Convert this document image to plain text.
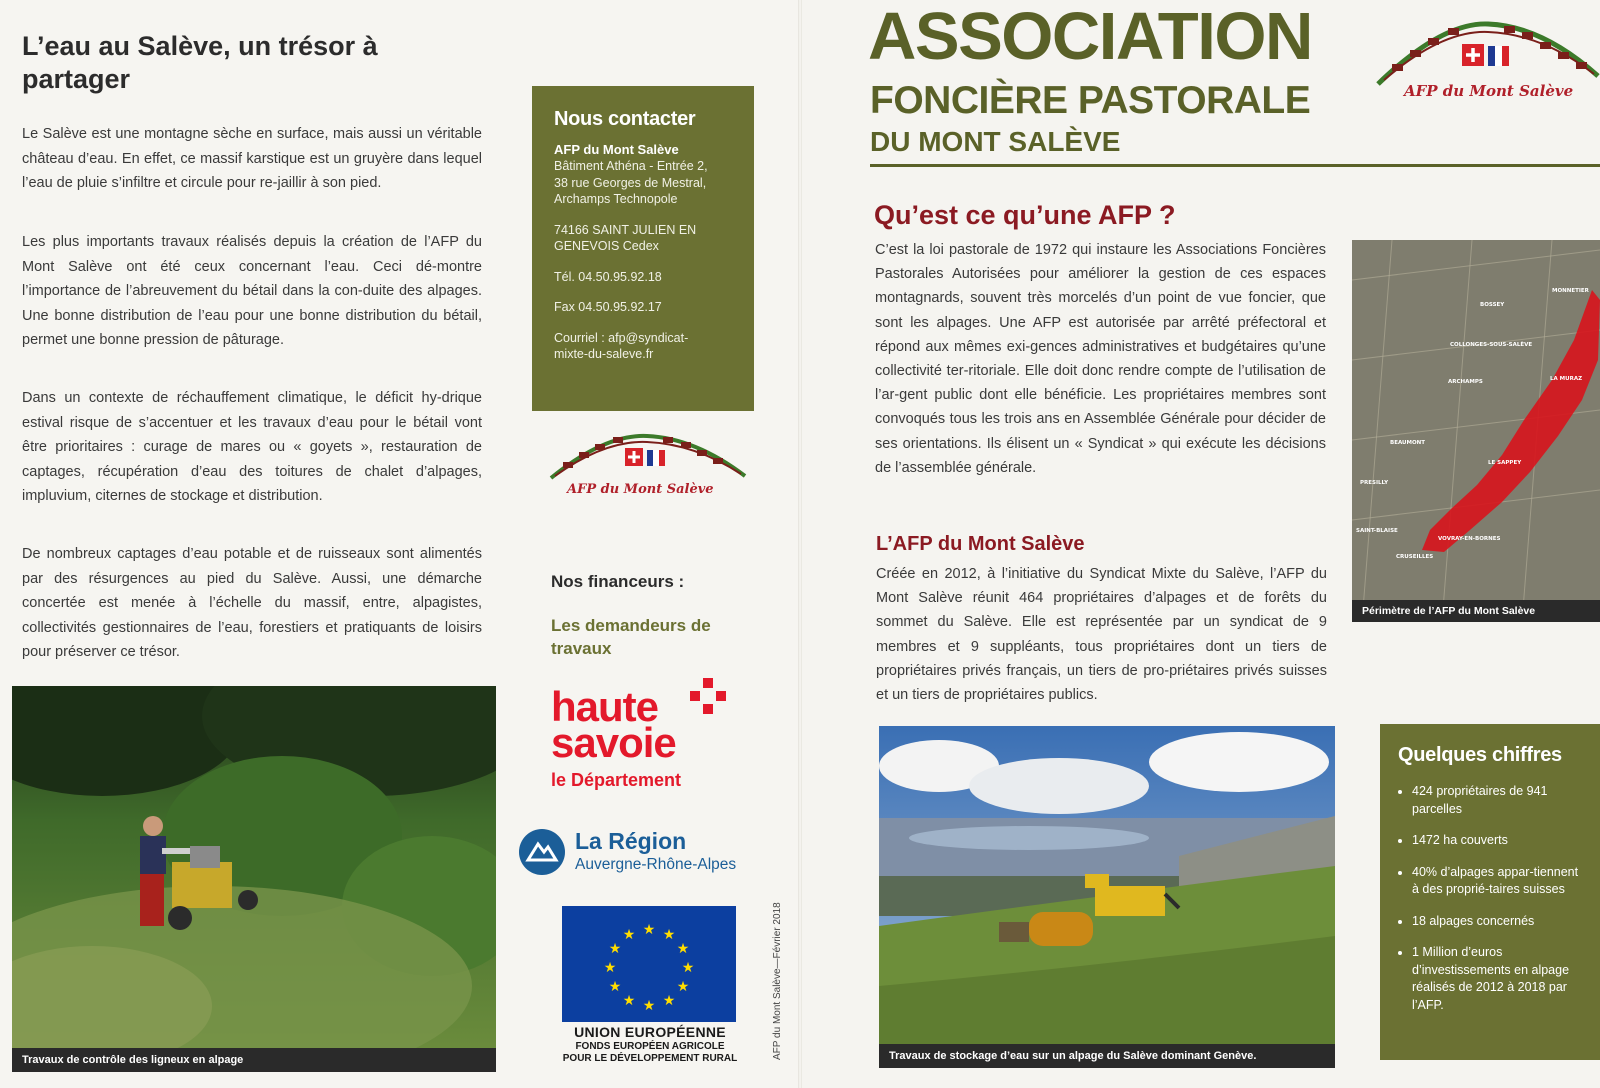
L’eau au Salève, un trésor à partager

Le Salève est une montagne sèche en surface, mais aussi un véritable château d’eau. En effet, ce massif karstique est un gruyère dans lequel l’eau de pluie s’infiltre et circule pour re-jaillir à son pied.

Les plus importants travaux réalisés depuis la création de l’AFP du Mont Salève ont été ceux concernant l’eau. Ceci dé-montre l’importance de l’abreuvement du bétail dans la con-duite des alpages. Une bonne distribution de l’eau pour une bonne distribution du bétail, permet une bonne pression de pâturage.

Dans un contexte de réchauffement climatique, le déficit hy-drique estival risque de s’accentuer et les travaux d’eau pour le bétail vont être prioritaires : curage de mares ou « goyets », restauration de captages, récupération d’eau des toitures de chalet d’alpages, impluvium, citernes de stockage et distribution.

De nombreux captages d’eau potable et de ruisseaux sont alimentés par des résurgences au pied du Salève. Aussi, une démarche concertée est menée à l’échelle du massif, entre, alpagistes, collectivités gestionnaires de l’eau, forestiers et pratiquants de loisirs pour préserver ce trésor.

Travaux de contrôle des ligneux en alpage
Nous contacter
AFP du Mont Salève
Bâtiment Athéna - Entrée 2,
38 rue Georges de Mestral,
Archamps Technopole
74166 SAINT JULIEN EN
GENEVOIS Cedex
Tél. 04.50.95.92.18
Fax 04.50.95.92.17
Courriel : afp@syndicat-
mixte-du-saleve.fr
AFP du Mont Salève
Nos financeurs :
Les demandeurs de travaux
haute
savoie
le Département
La Région
Auvergne-Rhône-Alpes
★ ★
★
★
★
★
★
★
★
★
★
★
UNION EUROPÉENNE
FONDS EUROPÉEN AGRICOLE
POUR LE DÉVELOPPEMENT RURAL	AFP du Mont Salève—Février 2018
ASSOCIATION
FONCIÈRE PASTORALE
DU MONT SALÈVE
AFP du Mont Salève
Qu’est ce qu’une AFP ?

C’est la loi pastorale de 1972 qui instaure les Associations Foncières Pastorales Autorisées pour améliorer la gestion de ces espaces montagnards, souvent très morcelés d’un point de vue foncier, que sont les alpages. Une AFP est autorisée par arrêté préfectoral et répond aux mêmes exi-gences administratives et budgétaires qu’une collectivité ter-ritoriale. Elle doit donc rendre compte de l’utilisation de l’ar-gent public dont elle bénéficie. Les propriétaires membres sont convoqués tous les trois ans en Assemblée Générale pour décider de ses orientations. Ils élisent un « Syndicat » qui exécute les décisions de l’assemblée générale.

L’AFP du Mont Salève

Créée en 2012, à l’initiative du Syndicat Mixte du Salève, l’AFP du Mont Salève réunit 464 propriétaires d’alpages et de forêts du sommet du Salève. Elle est représentée par un syndicat de 9 membres et 9 suppléants, tous propriétaires dont un tiers de propriétaires privés français, un tiers de pro-priétaires privés suisses et un tiers de propriétaires publics.

MONNETIER
BOSSEY
COLLONGES-SOUS-SALÈVE
ARCHAMPS	LA MURAZ
BEAUMONT
LE SAPPEY
PRESILLY
SAINT-BLAISE
VOVRAY-EN-BORNES
CRUSEILLES
Périmètre de l’AFP du Mont Salève
Travaux de stockage d’eau sur un alpage du Salève dominant Genève.
Quelques chiffres
• 424 propriétaires de 941 parcelles
• 1472 ha couverts
• 40% d’alpages appar-tiennent à des proprié-taires suisses
• 18 alpages concernés
• 1 Million d’euros d’investissements en alpage réalisés de 2012 à 2018 par l’AFP.
